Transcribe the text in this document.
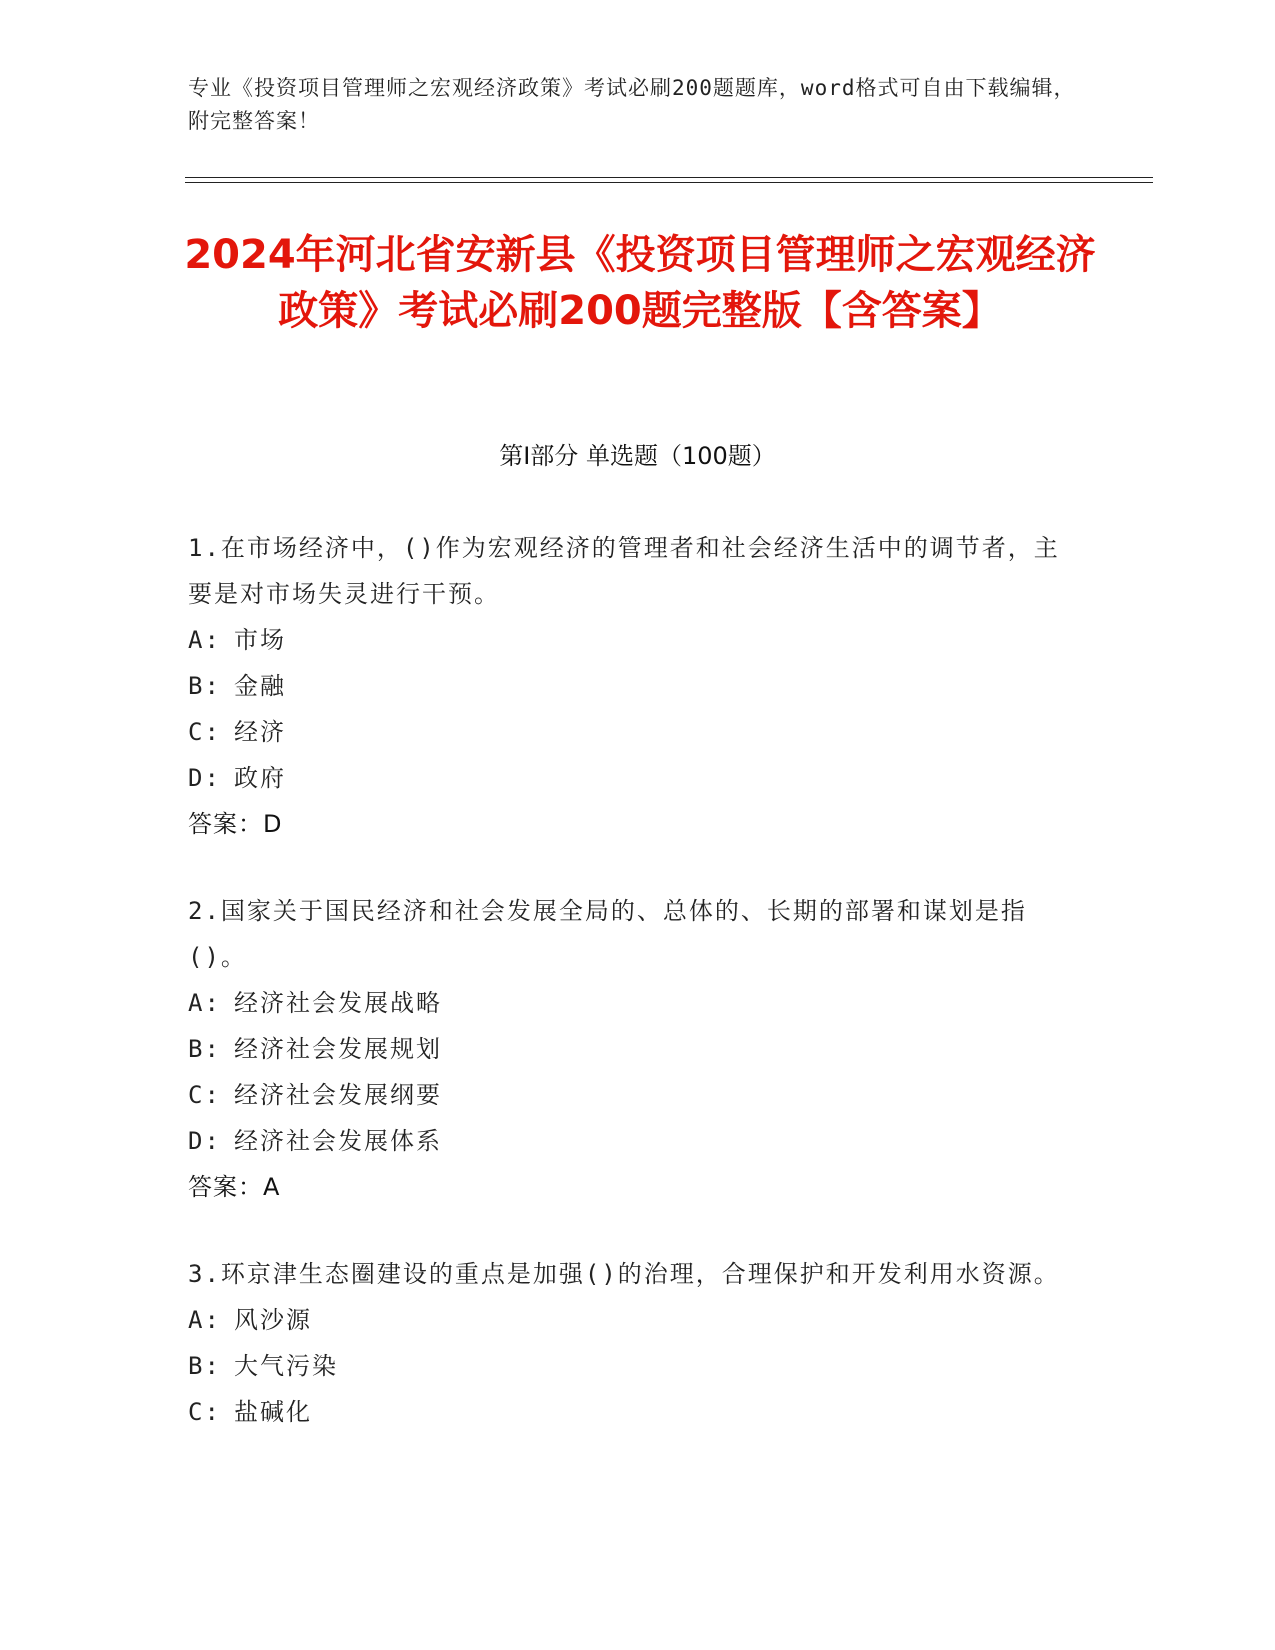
专业《投资项目管理师之宏观经济政策》考试必刷200题题库，word格式可自由下载编辑，附完整答案！
2024年河北省安新县《投资项目管理师之宏观经济政策》考试必刷200题完整版【含答案】
第I部分 单选题（100题）

1.在市场经济中，()作为宏观经济的管理者和社会经济生活中的调节者，主要是对市场失灵进行干预。

A: 市场

B: 金融

C: 经济

D: 政府

答案：D

2.国家关于国民经济和社会发展全局的、总体的、长期的部署和谋划是指()。

A: 经济社会发展战略

B: 经济社会发展规划

C: 经济社会发展纲要

D: 经济社会发展体系

答案：A

3.环京津生态圈建设的重点是加强()的治理，合理保护和开发利用水资源。

A: 风沙源

B: 大气污染

C: 盐碱化
